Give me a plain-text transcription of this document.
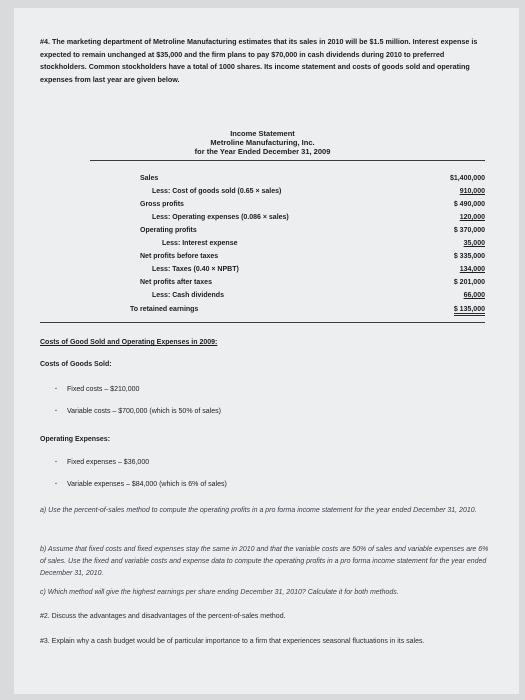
#4. The marketing department of Metroline Manufacturing estimates that its sales in 2010 will be $1.5 million. Interest expense is expected to remain unchanged at $35,000 and the firm plans to pay $70,000 in cash dividends during 2010 to preferred stockholders. Common stockholders have a total of 1000 shares. Its income statement and costs of goods sold and operating expenses from last year are given below.
Income Statement
Metroline Manufacturing, Inc.
for the Year Ended December 31, 2009
Sales	$1,400,000
Less: Cost of goods sold (0.65 × sales)	910,000
Gross profits	$ 490,000
Less: Operating expenses (0.086 × sales)	120,000
Operating profits	$ 370,000
Less: Interest expense	35,000
Net profits before taxes	$ 335,000
Less: Taxes (0.40 × NPBT)	134,000
Net profits after taxes	$ 201,000
Less: Cash dividends	66,000
To retained earnings	$ 135,000
Costs of Good Sold and Operating Expenses in 2009:
Costs of Goods Sold:
· Fixed costs – $210,000
· Variable costs – $700,000 (which is 50% of sales)
Operating Expenses:
· Fixed expenses – $36,000
· Variable expenses – $84,000 (which is 6% of sales)
a) Use the percent-of-sales method to compute the operating profits in a pro forma income statement for the year ended December 31, 2010.
b) Assume that fixed costs and fixed expenses stay the same in 2010 and that the variable costs are 50% of sales and variable expenses are 6% of sales. Use the fixed and variable costs and expense data to compute the operating profits in a pro forma income statement for the year ended December 31, 2010.
c) Which method will give the highest earnings per share ending December 31, 2010? Calculate it for both methods.
#2. Discuss the advantages and disadvantages of the percent-of-sales method.
#3. Explain why a cash budget would be of particular importance to a firm that experiences seasonal fluctuations in its sales.
